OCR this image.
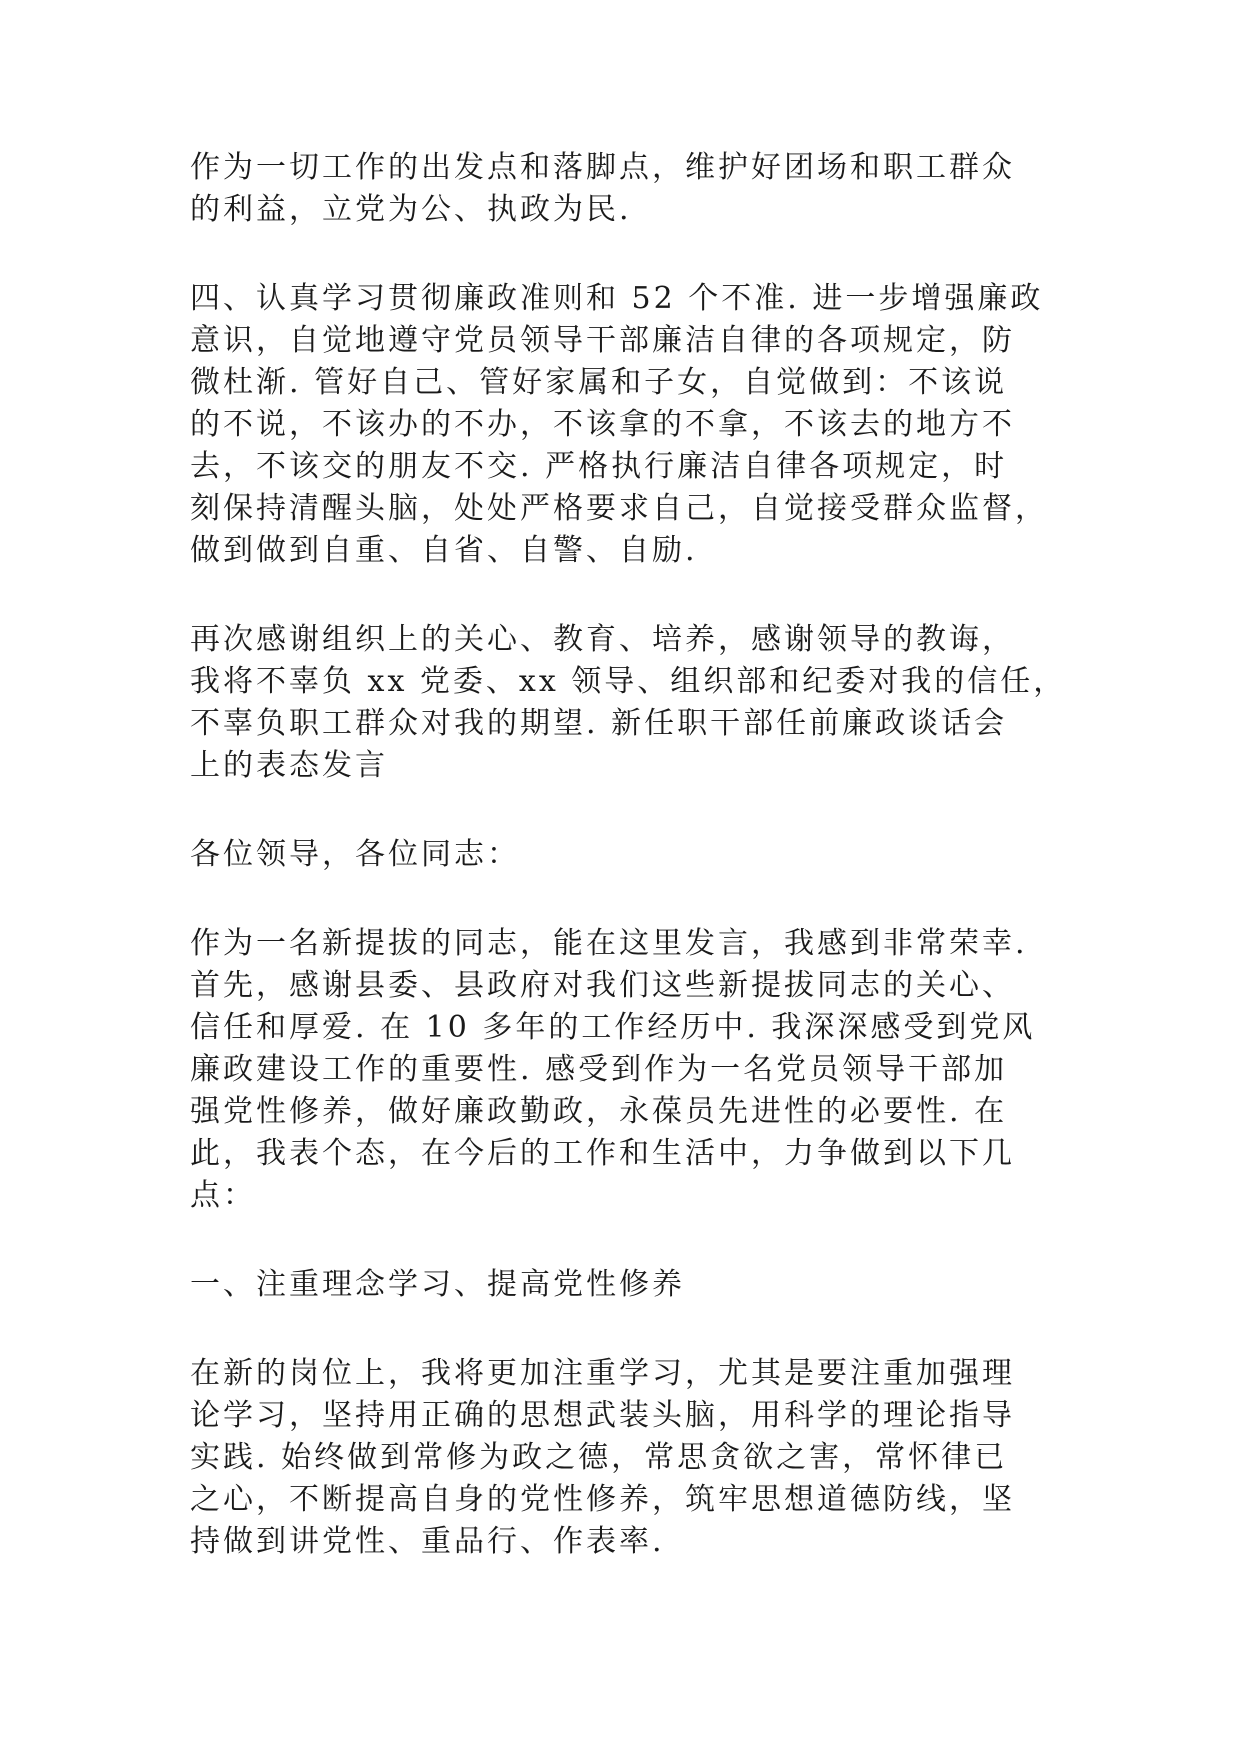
作为一切工作的出发点和落脚点，维护好团场和职工群众
的利益，立党为公、执政为民.

四、认真学习贯彻廉政准则和 52 个不准. 进一步增强廉政
意识，自觉地遵守党员领导干部廉洁自律的各项规定，防
微杜渐. 管好自己、管好家属和子女，自觉做到：不该说
的不说，不该办的不办，不该拿的不拿，不该去的地方不
去，不该交的朋友不交. 严格执行廉洁自律各项规定，时
刻保持清醒头脑，处处严格要求自己，自觉接受群众监督，
做到做到自重、自省、自警、自励.

再次感谢组织上的关心、教育、培养，感谢领导的教诲，
我将不辜负 xx 党委、xx 领导、组织部和纪委对我的信任，
不辜负职工群众对我的期望. 新任职干部任前廉政谈话会
上的表态发言

各位领导，各位同志：

作为一名新提拔的同志，能在这里发言，我感到非常荣幸.
首先，感谢县委、县政府对我们这些新提拔同志的关心、
信任和厚爱. 在 10 多年的工作经历中. 我深深感受到党风
廉政建设工作的重要性. 感受到作为一名党员领导干部加
强党性修养，做好廉政勤政，永葆员先进性的必要性. 在
此，我表个态，在今后的工作和生活中，力争做到以下几
点：

一、注重理念学习、提高党性修养

在新的岗位上，我将更加注重学习，尤其是要注重加强理
论学习，坚持用正确的思想武装头脑，用科学的理论指导
实践. 始终做到常修为政之德，常思贪欲之害，常怀律已
之心，不断提高自身的党性修养，筑牢思想道德防线，坚
持做到讲党性、重品行、作表率.
